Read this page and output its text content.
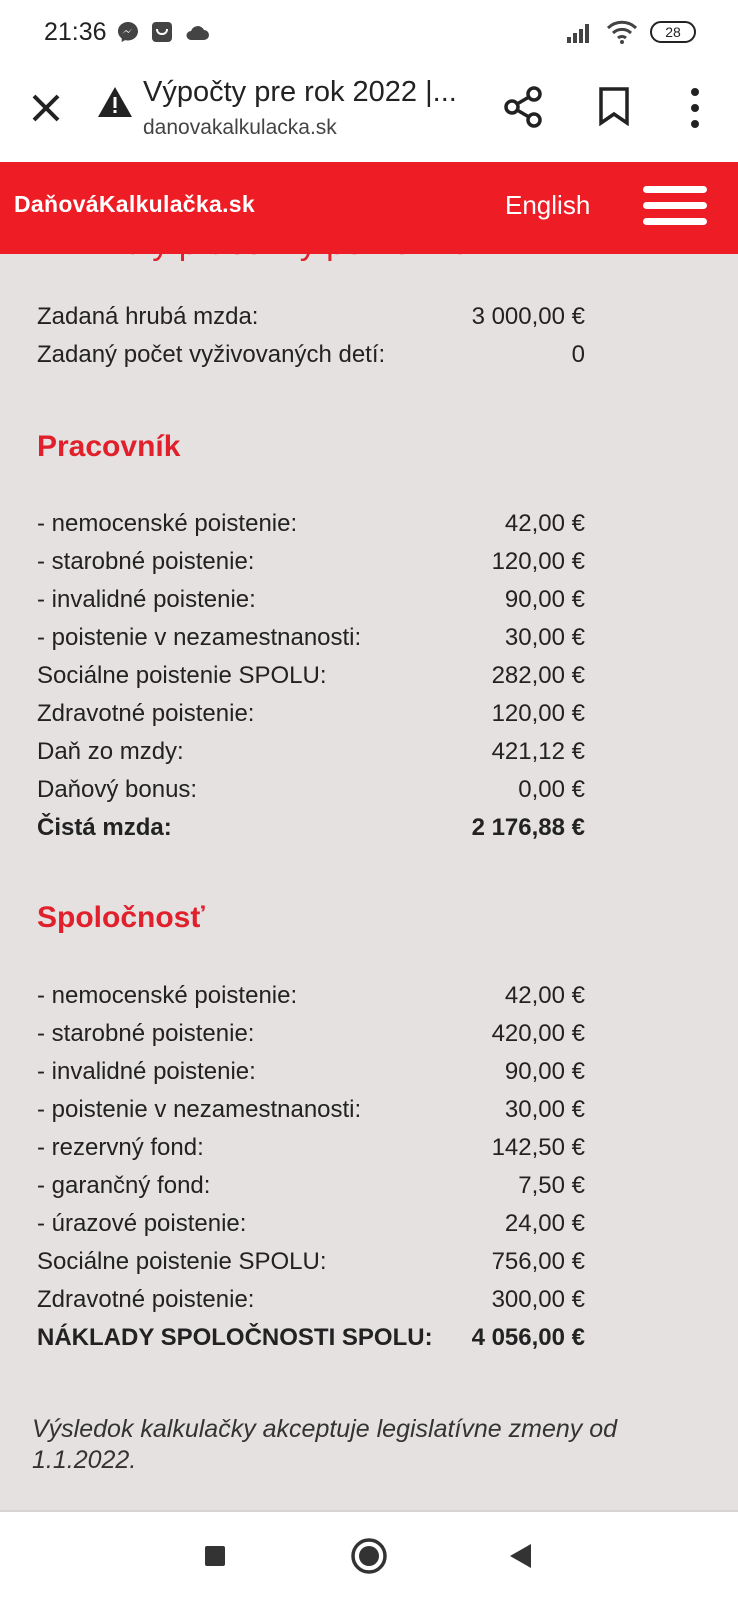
21:36	28
Výpočty pre rok 2022 |...
danovakalkulacka.sk
DaňováKalkulačka.sk	English
Zadaná hrubá mzda:	3 000,00 €
Zadaný počet vyživovaných detí:	0
Pracovník
- nemocenské poistenie:	42,00 €
- starobné poistenie:	120,00 €
- invalidné poistenie:	90,00 €
- poistenie v nezamestnanosti:	30,00 €
Sociálne poistenie SPOLU:	282,00 €
Zdravotné poistenie:	120,00 €
Daň zo mzdy:	421,12 €
Daňový bonus:	0,00 €
Čistá mzda:	2 176,88 €
Spoločnosť
- nemocenské poistenie:	42,00 €
- starobné poistenie:	420,00 €
- invalidné poistenie:	90,00 €
- poistenie v nezamestnanosti:	30,00 €
- rezervný fond:	142,50 €
- garančný fond:	7,50 €
- úrazové poistenie:	24,00 €
Sociálne poistenie SPOLU:	756,00 €
Zdravotné poistenie:	300,00 €
NÁKLADY SPOLOČNOSTI SPOLU: 4 056,00 €
Výsledok kalkulačky akceptuje legislatívne zmeny od 1.1.2022.
